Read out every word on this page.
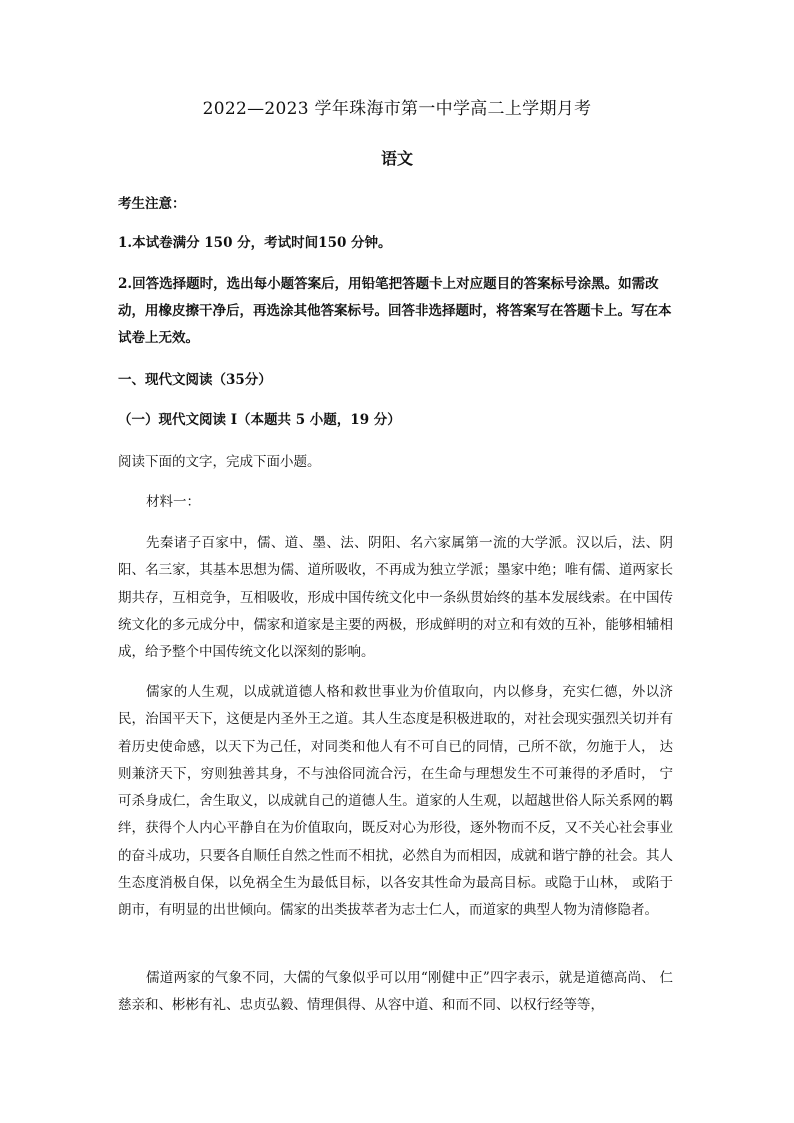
2022—2023 学年珠海市第一中学高二上学期月考
语文
考生注意：
1.本试卷满分 150 分，考试时间150 分钟。
2.回答选择题时，选出每小题答案后，用铅笔把答题卡上对应题目的答案标号涂黑。如需改动，用橡皮擦干净后，再选涂其他答案标号。回答非选择题时，将答案写在答题卡上。写在本试卷上无效。
一、现代文阅读（35分）
（一）现代文阅读 Ⅰ（本题共 5 小题，19 分）
阅读下面的文字，完成下面小题。
材料一：
先秦诸子百家中，儒、道、墨、法、阴阳、名六家属第一流的大学派。汉以后，法、阴阳、名三家，其基本思想为儒、道所吸收，不再成为独立学派；墨家中绝；唯有儒、道两家长期共存，互相竞争，互相吸收，形成中国传统文化中一条纵贯始终的基本发展线索。在中国传统文化的多元成分中，儒家和道家是主要的两极，形成鲜明的对立和有效的互补，能够相辅相成，给予整个中国传统文化以深刻的影响。
儒家的人生观，以成就道德人格和救世事业为价值取向，内以修身，充实仁德，外以济民，治国平天下，这便是内圣外王之道。其人生态度是积极进取的，对社会现实强烈关切并有着历史使命感，以天下为己任，对同类和他人有不可自已的同情，己所不欲，勿施于人， 达则兼济天下，穷则独善其身，不与浊俗同流合污，在生命与理想发生不可兼得的矛盾时， 宁可杀身成仁，舍生取义，以成就自己的道德人生。道家的人生观，以超越世俗人际关系网的羁绊，获得个人内心平静自在为价值取向，既反对心为形役，逐外物而不反，又不关心社会事业的奋斗成功，只要各自顺任自然之性而不相扰，必然自为而相因，成就和谐宁静的社会。其人生态度消极自保，以免祸全生为最低目标，以各安其性命为最高目标。或隐于山林， 或陷于朗市，有明显的出世倾向。儒家的出类拔萃者为志士仁人，而道家的典型人物为清修隐者。
儒道两家的气象不同，大儒的气象似乎可以用“刚健中正”四字表示，就是道德高尚、 仁慈亲和、彬彬有礼、忠贞弘毅、情理俱得、从容中道、和而不同、以权行经等等，
